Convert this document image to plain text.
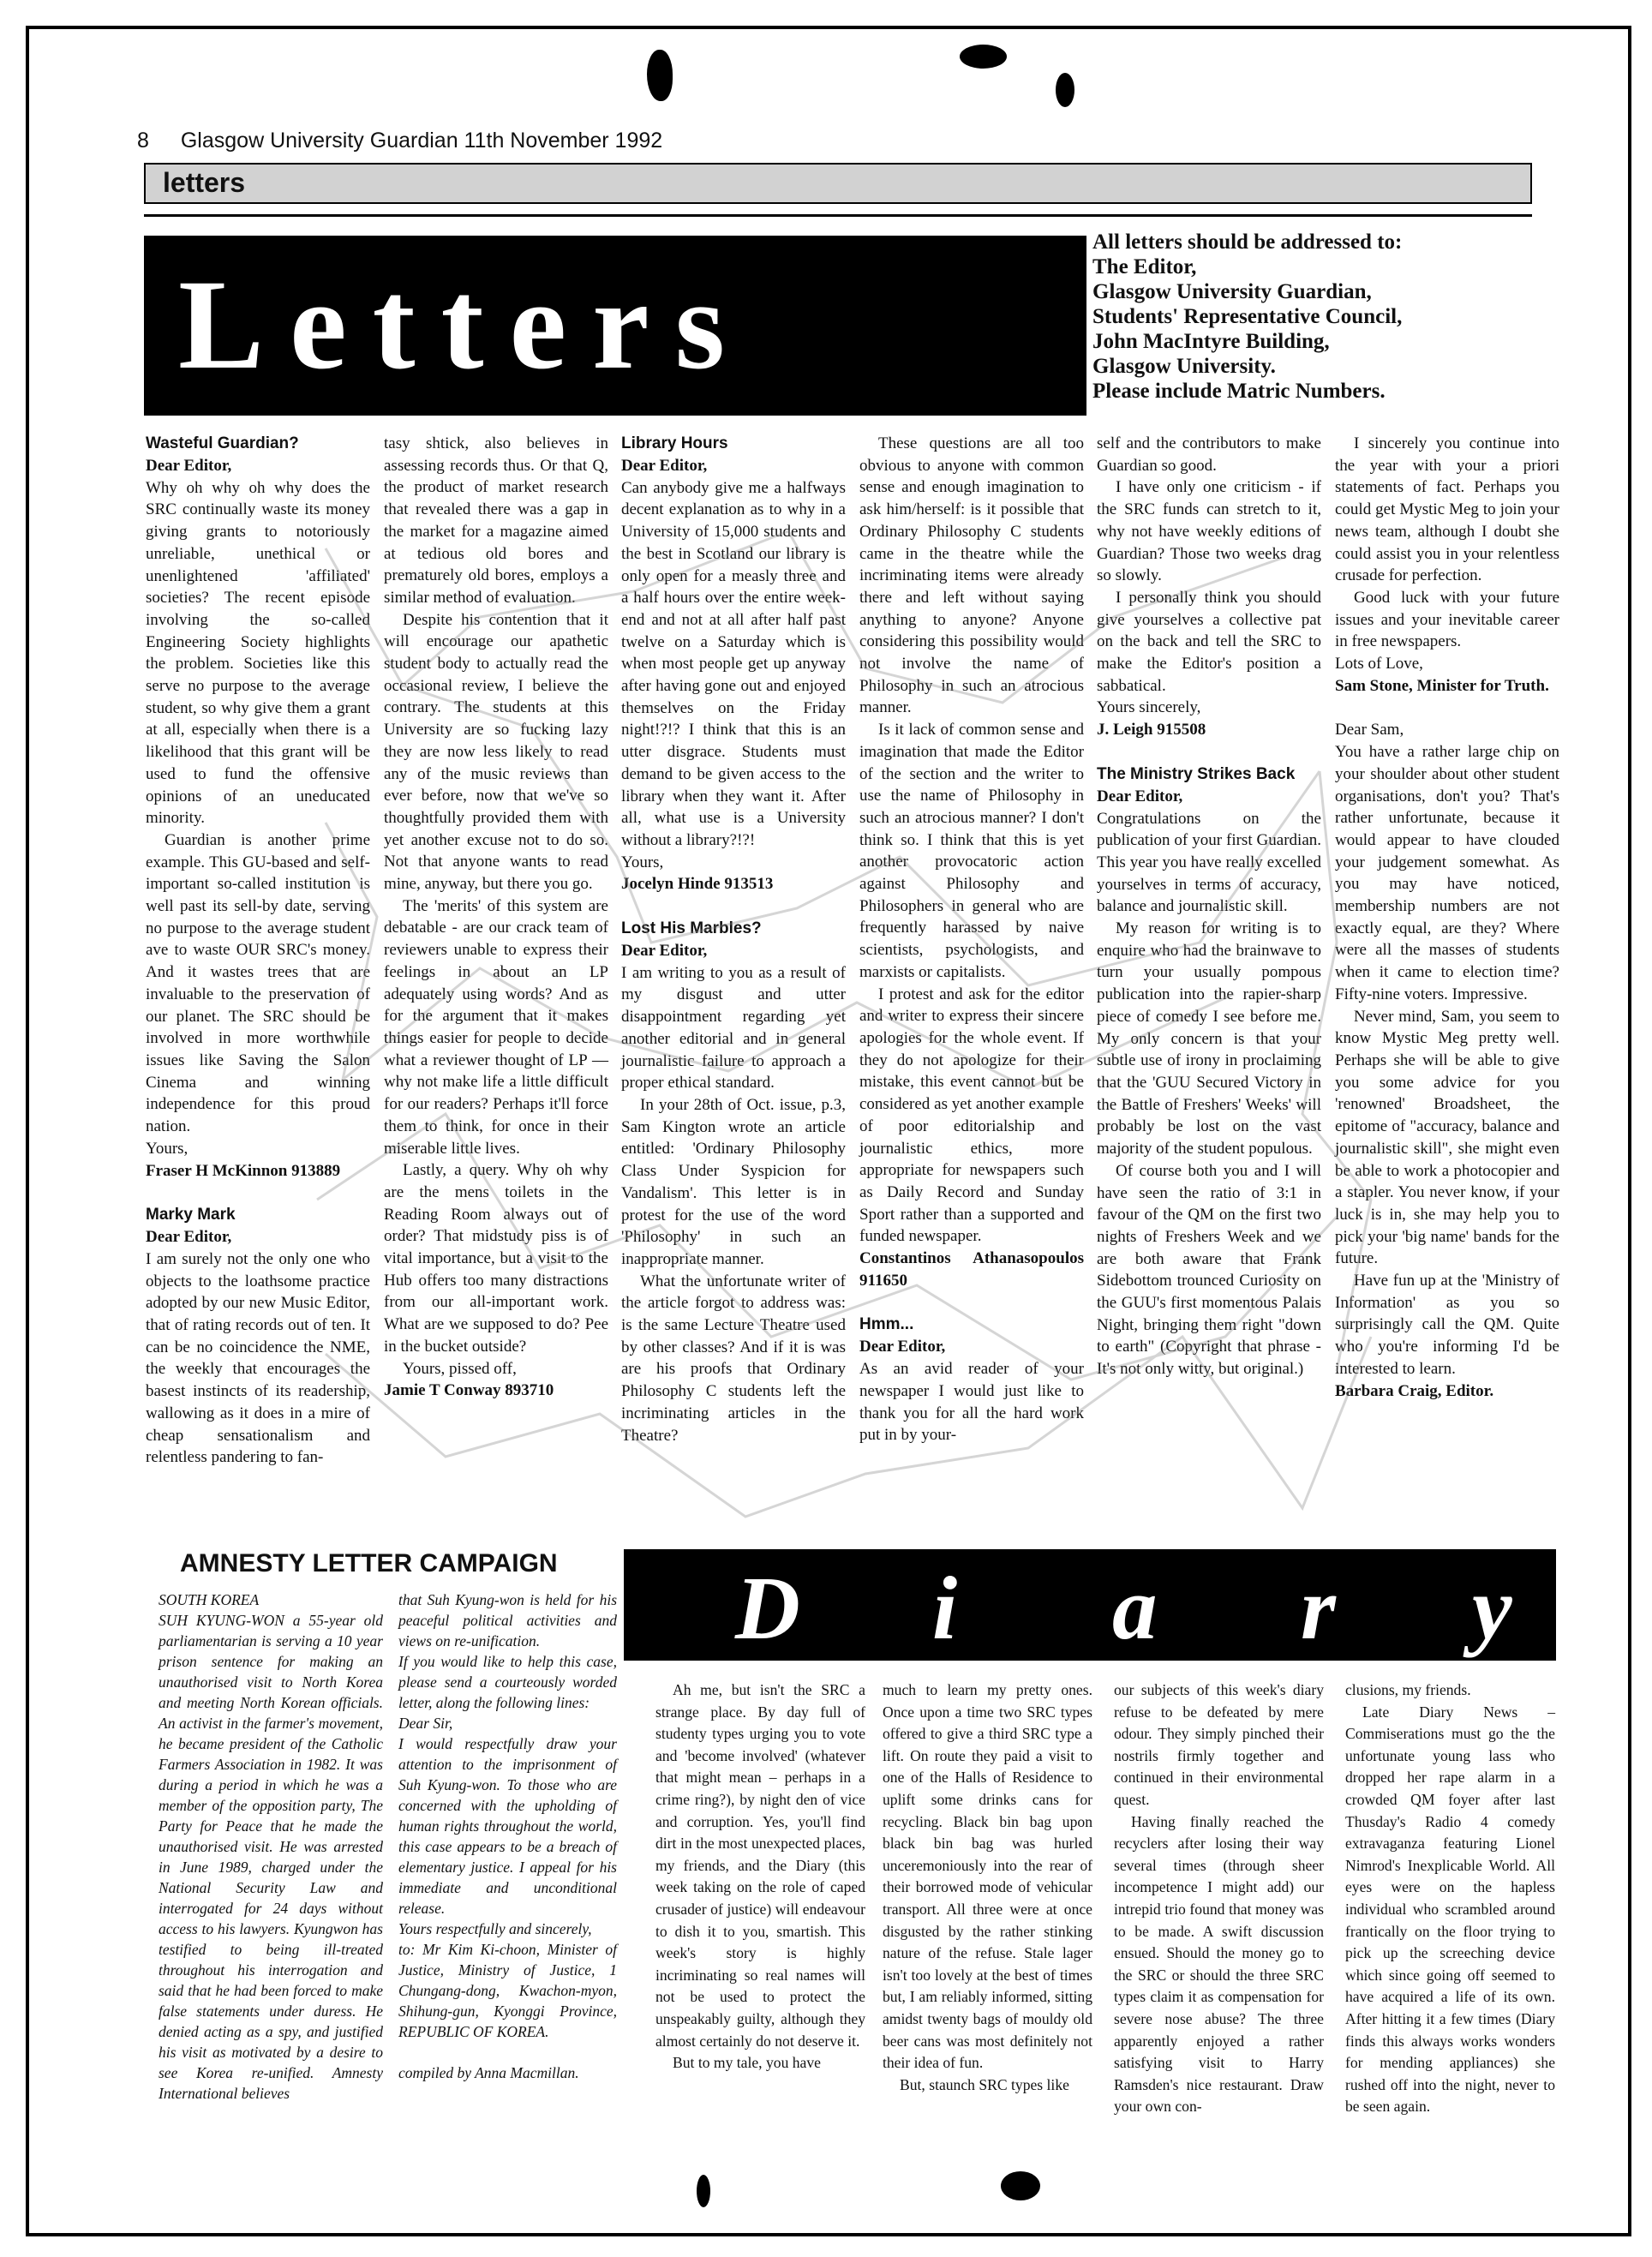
8 Glasgow University Guardian 11th November 1992
letters
Letters
All letters should be addressed to:
The Editor,
Glasgow University Guardian,
Students' Representative Council,
John MacIntyre Building,
Glasgow University.
Please include Matric Numbers.
Wasteful Guardian?
Dear Editor,

Why oh why oh why does the SRC continually waste its money giving grants to notoriously unreliable, unethical or unenlightened 'affiliated' societies? The recent episode involving the so-called Engineering Society highlights the problem. Societies like this serve no purpose to the average student, so why give them a grant at all, especially when there is a likelihood that this grant will be used to fund the offensive opinions of an uneducated minority.

Guardian is another prime example. This GU-based and self-important so-called institution is well past its sell-by date, serving no purpose to the average student ave to waste OUR SRC's money. And it wastes trees that are invaluable to the preservation of our planet. The SRC should be involved in more worthwhile issues like Saving the Salon Cinema and winning independence for this proud nation.

Yours,
Fraser H McKinnon 913889
Marky Mark
Dear Editor,

I am surely not the only one who objects to the loathsome practice adopted by our new Music Editor, that of rating records out of ten. It can be no coincidence the NME, the weekly that encourages the basest instincts of its readership, wallowing as it does in a mire of cheap sensationalism and relentless pandering to fan-

tasy shtick, also believes in assessing records thus. Or that Q, the product of market research that revealed there was a gap in the market for a magazine aimed at tedious old bores and prematurely old bores, employs a similar method of evaluation.

Despite his contention that it will encourage our apathetic student body to actually read the occasional review, I believe the contrary. The students at this University are so fucking lazy they are now less likely to read any of the music reviews than ever before, now that we've so thoughtfully provided them with yet another excuse not to do so. Not that anyone wants to read mine, anyway, but there you go.

The 'merits' of this system are debatable - are our crack team of reviewers unable to express their feelings in about an LP adequately using words? And as for the argument that it makes things easier for people to decide what a reviewer thought of LP — why not make life a little difficult for our readers? Perhaps it'll force them to think, for once in their miserable little lives.

Lastly, a query. Why oh why are the mens toilets in the Reading Room always out of order? That midstudy piss is of vital importance, but a visit to the Hub offers too many distractions from our all-important work. What are we supposed to do? Pee in the bucket outside?

Yours, pissed off,

Jamie T Conway 893710
Library Hours
Dear Editor,

Can anybody give me a halfways decent explanation as to why in a University of 15,000 students and the best in Scotland our library is only open for a measly three and a half hours over the entire week-end and not at all after half past twelve on a Saturday which is when most people get up anyway after having gone out and enjoyed themselves on the Friday night!?!? I think that this is an utter disgrace. Students must demand to be given access to the library when they want it. After all, what use is a University without a library?!?!

Yours,
Jocelyn Hinde 913513
Lost His Marbles?
Dear Editor,

I am writing to you as a result of my disgust and utter disappointment regarding yet another editorial and in general journalistic failure to approach a proper ethical standard.

In your 28th of Oct. issue, p.3, Sam Kington wrote an article entitled: 'Ordinary Philosophy Class Under Syspicion for Vandalism'. This letter is in protest for the use of the word 'Philosophy' in such an inappropriate manner.

What the unfortunate writer of the article forgot to address was: is the same Lecture Theatre used by other classes? And if it is was are his proofs that Ordinary Philosophy C students left the incriminating articles in the Theatre?

These questions are all too obvious to anyone with common sense and enough imagination to ask him/herself: is it possible that Ordinary Philosophy C students came in the theatre while the incriminating items were already there and left without saying anything to anyone? Anyone considering this possibility would not involve the name of Philosophy in such an atrocious manner.

Is it lack of common sense and imagination that made the Editor of the section and the writer to use the name of Philosophy in such an atrocious manner? I don't think so. I think that this is yet another provocatoric action against Philosophy and Philosophers in general who are frequently harassed by naive scientists, psychologists, and marxists or capitalists.

I protest and ask for the editor and writer to express their sincere apologies for the whole event. If they do not apologize for their mistake, this event cannot but be considered as yet another example of poor editorialship and journalistic ethics, more appropriate for newspapers such as Daily Record and Sunday Sport rather than a supported and funded newspaper.

Constantinos Athanasopoulos 911650
Hmm...
Dear Editor,

As an avid reader of your newspaper I would just like to thank you for all the hard work put in by your-

self and the contributors to make Guardian so good.

I have only one criticism - if the SRC funds can stretch to it, why not have weekly editions of Guardian? Those two weeks drag so slowly.

I personally think you should give yourselves a collective pat on the back and tell the SRC to make the Editor's position a sabbatical.

Yours sincerely,
J. Leigh 915508
The Ministry Strikes Back
Dear Editor,

Congratulations on the publication of your first Guardian. This year you have really excelled yourselves in terms of accuracy, balance and journalistic skill.

My reason for writing is to enquire who had the brainwave to turn your usually pompous publication into the rapier-sharp piece of comedy I see before me. My only concern is that your subtle use of irony in proclaiming that the 'GUU Secured Victory in the Battle of Freshers' Weeks' will probably be lost on the vast majority of the student populous.

Of course both you and I will have seen the ratio of 3:1 in favour of the QM on the first two nights of Freshers Week and we are both aware that Frank Sidebottom trounced Curiosity on the GUU's first momentous Palais Night, bringing them right "down to earth" (Copyright that phrase - It's not only witty, but original.)

I sincerely you continue into the year with your a priori statements of fact. Perhaps you could get Mystic Meg to join your news team, although I doubt she could assist you in your relentless crusade for perfection.

Good luck with your future issues and your inevitable career in free newspapers.

Lots of Love,
Sam Stone, Minister for Truth.
Dear Sam,

You have a rather large chip on your shoulder about other student organisations, don't you? That's rather unfortunate, because it would appear to have clouded your judgement somewhat. As you may have noticed, membership numbers are not exactly equal, are they? Where were all the masses of students when it came to election time? Fifty-nine voters. Impressive.

Never mind, Sam, you seem to know Mystic Meg pretty well. Perhaps she will be able to give you some advice for you 'renowned' Broadsheet, the epitome of "accuracy, balance and journalistic skill", she might even be able to work a photocopier and a stapler. You never know, if your luck is in, she may help you to pick your 'big name' bands for the future.

Have fun up at the 'Ministry of Information' as you so surprisingly call the QM. Quite who you're informing I'd be interested to learn.

Barbara Craig, Editor.
AMNESTY LETTER CAMPAIGN

SOUTH KOREA

SUH KYUNG-WON a 55-year old parliamentarian is serving a 10 year prison sentence for making an unauthorised visit to North Korea and meeting North Korean officials. An activist in the farmer's movement, he became president of the Catholic Farmers Association in 1982. It was during a period in which he was a member of the opposition party, The Party for Peace that he made the unauthorised visit. He was arrested in June 1989, charged under the National Security Law and interrogated for 24 days without access to his lawyers. Kyungwon has testified to being ill-treated throughout his interrogation and said that he had been forced to make false statements under duress. He denied acting as a spy, and justified his visit as motivated by a desire to see Korea re-unified. Amnesty International believes

that Suh Kyung-won is held for his peaceful political activities and views on re-unification.

If you would like to help this case, please send a courteously worded letter, along the following lines:

Dear Sir,

I would respectfully draw your attention to the imprisonment of Suh Kyung-won. To those who are concerned with the upholding of human rights throughout the world, this case appears to be a breach of elementary justice. I appeal for his immediate and unconditional release.

Yours respectfully and sincerely,

to: Mr Kim Ki-choon, Minister of Justice, Ministry of Justice, 1 Chungang-dong, Kwachon-myon, Shihung-gun, Kyonggi Province, REPUBLIC OF KOREA.

compiled by Anna Macmillan.

D i a r y

Ah me, but isn't the SRC a strange place. By day full of studenty types urging you to vote and 'become involved' (whatever that might mean – perhaps in a crime ring?), by night den of vice and corruption. Yes, you'll find dirt in the most unexpected places, my friends, and the Diary (this week taking on the role of caped crusader of justice) will endeavour to dish it to you, smartish. This week's story is highly incriminating so real names will not be used to protect the unspeakably guilty, although they almost certainly do not deserve it.

But to my tale, you have

much to learn my pretty ones. Once upon a time two SRC types offered to give a third SRC type a lift. On route they paid a visit to one of the Halls of Residence to uplift some drinks cans for recycling. Black bin bag upon black bin bag was hurled unceremoniously into the rear of their borrowed mode of vehicular transport. All three were at once disgusted by the rather stinking nature of the refuse. Stale lager isn't too lovely at the best of times but, I am reliably informed, sitting amidst twenty bags of mouldy old beer cans was most definitely not their idea of fun.

But, staunch SRC types like

our subjects of this week's diary refuse to be defeated by mere odour. They simply pinched their nostrils firmly together and continued in their environmental quest.

Having finally reached the recyclers after losing their way several times (through sheer incompetence I might add) our intrepid trio found that money was to be made. A swift discussion ensued. Should the money go to the SRC or should the three SRC types claim it as compensation for severe nose abuse? The three apparently enjoyed a rather satisfying visit to Harry Ramsden's nice restaurant. Draw your own con-

clusions, my friends.

Late Diary News – Commiserations must go the the unfortunate young lass who dropped her rape alarm in a crowded QM foyer after last Thusday's Radio 4 comedy extravaganza featuring Lionel Nimrod's Inexplicable World. All eyes were on the hapless individual who scrambled around frantically on the floor trying to pick up the screeching device which since going off seemed to have acquired a life of its own. After hitting it a few times (Diary finds this always works wonders for mending appliances) she rushed off into the night, never to be seen again.
